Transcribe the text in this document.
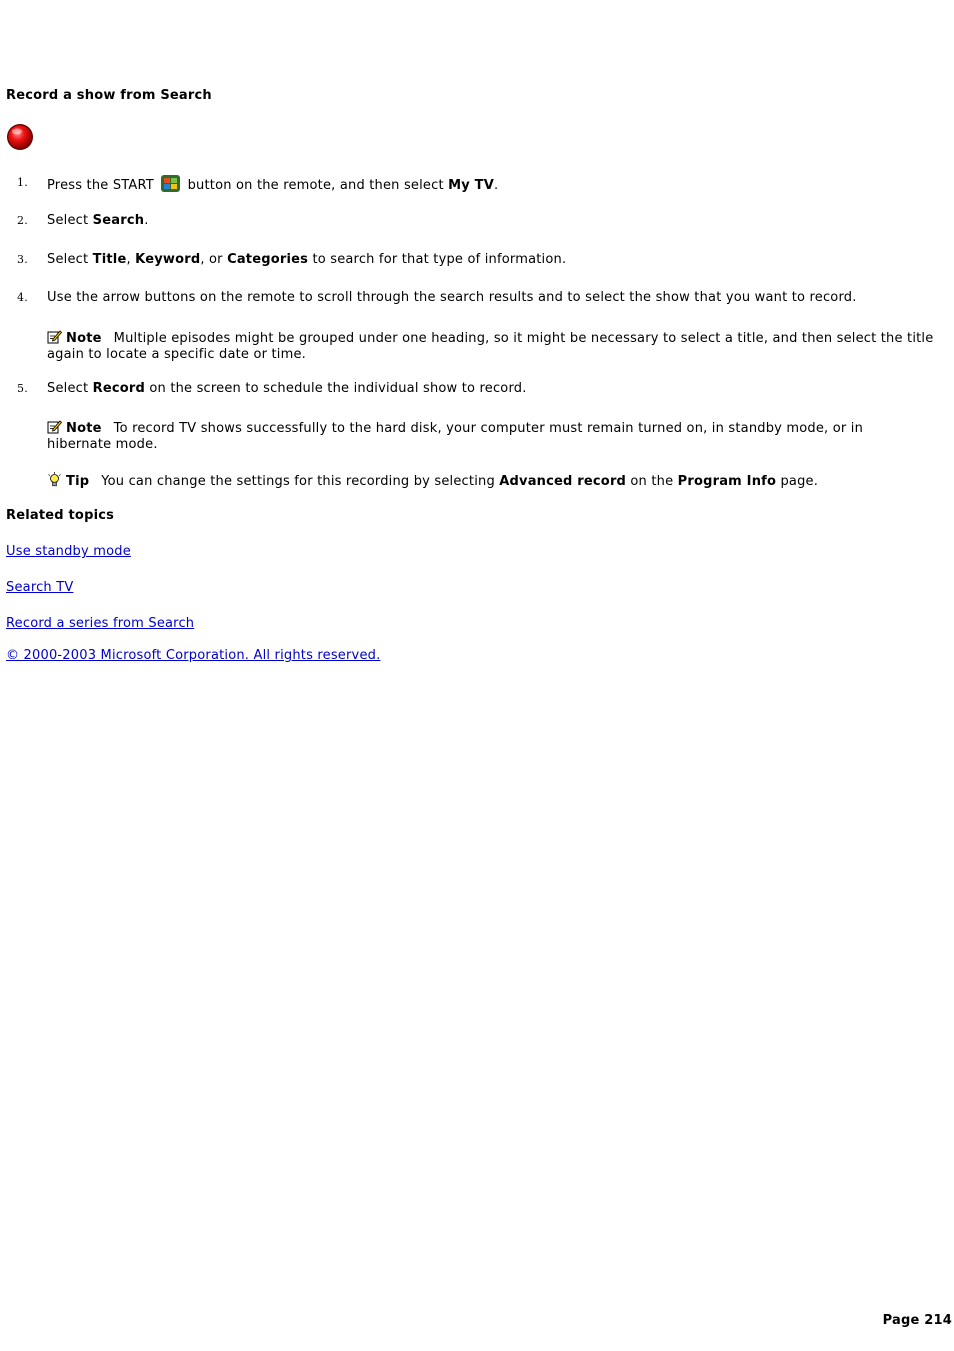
Record a show from Search
1. Press the START	button on the remote, and then select My TV.
2. Select Search.
3. Select Title, Keyword, or Categories to search for that type of information.
4. Use the arrow buttons on the remote to scroll through the search results and to select the show that you want to record.
Note Multiple episodes might be grouped under one heading, so it might be necessary to select a title, and then select the title again to locate a specific date or time.
5. Select Record on the screen to schedule the individual show to record.
Note To record TV shows successfully to the hard disk, your computer must remain turned on, in standby mode, or in hibernate mode.
Tip You can change the settings for this recording by selecting Advanced record on the Program Info page.
Related topics
Use standby mode
Search TV
Record a series from Search
© 2000-2003 Microsoft Corporation. All rights reserved.
Page 214
